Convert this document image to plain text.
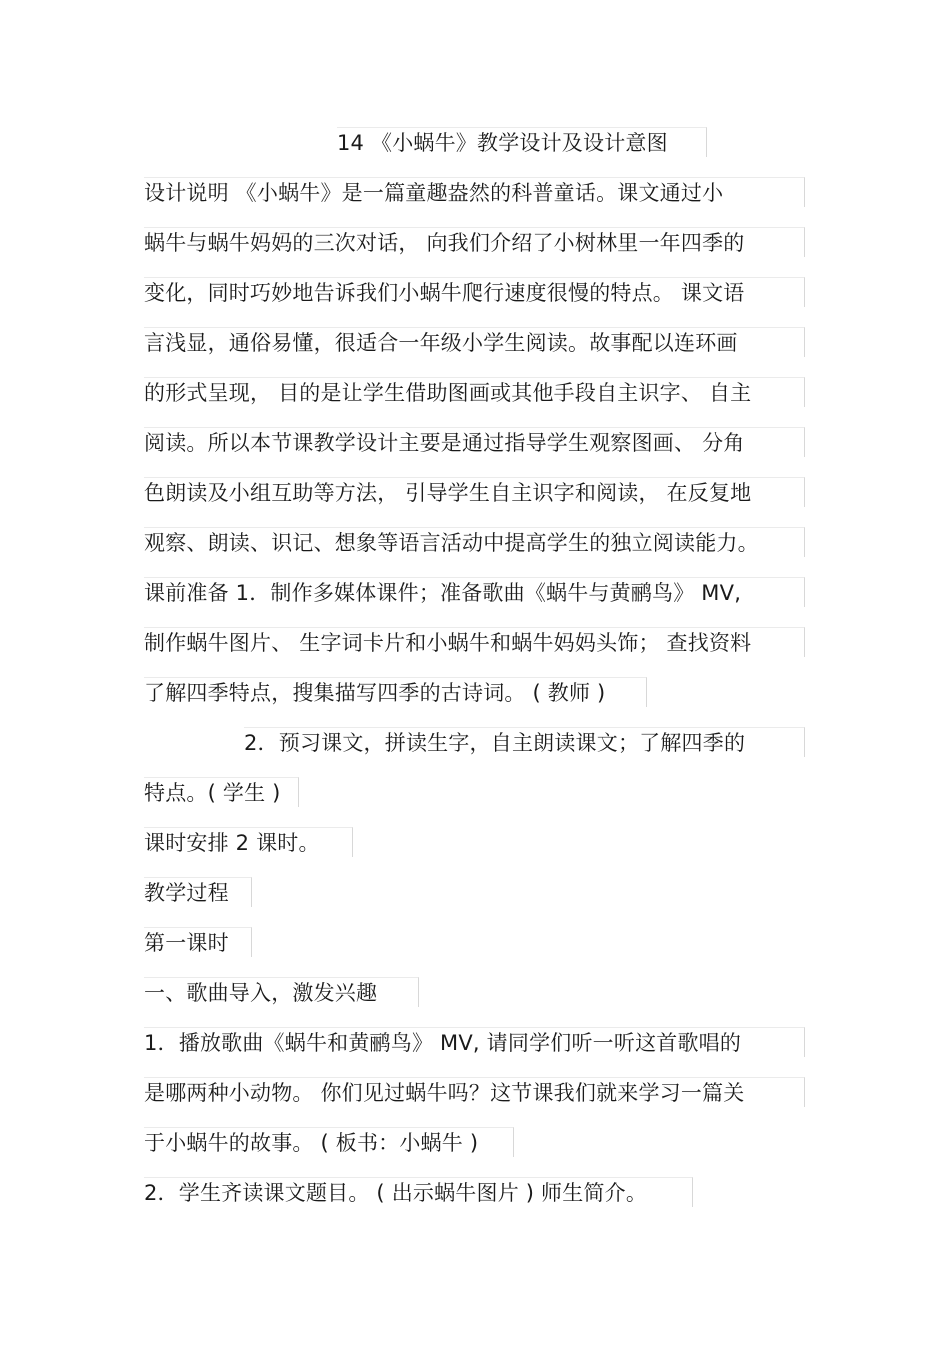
14 《小蜗牛》教学设计及设计意图
设计说明 《小蜗牛》是一篇童趣盎然的科普童话。课文通过小
蜗牛与蜗牛妈妈的三次对话， 向我们介绍了小树林里一年四季的
变化，同时巧妙地告诉我们小蜗牛爬行速度很慢的特点。 课文语
言浅显，通俗易懂，很适合一年级小学生阅读。故事配以连环画
的形式呈现， 目的是让学生借助图画或其他手段自主识字、 自主
阅读。所以本节课教学设计主要是通过指导学生观察图画、 分角
色朗读及小组互助等方法， 引导学生自主识字和阅读， 在反复地
观察、朗读、识记、想象等语言活动中提高学生的独立阅读能力。
课前准备 1．制作多媒体课件；准备歌曲《蜗牛与黄鹂鸟》 MV,
制作蜗牛图片、 生字词卡片和小蜗牛和蜗牛妈妈头饰； 查找资料
了解四季特点，搜集描写四季的古诗词。 ( 教师 )
2．预习课文，拼读生字，自主朗读课文；了解四季的
特点。( 学生 )
课时安排 2 课时。
教学过程
第一课时
一、歌曲导入，激发兴趣
1．播放歌曲《蜗牛和黄鹂鸟》 MV, 请同学们听一听这首歌唱的
是哪两种小动物。 你们见过蜗牛吗？这节课我们就来学习一篇关
于小蜗牛的故事。 ( 板书：小蜗牛 )
2．学生齐读课文题目。 ( 出示蜗牛图片 ) 师生简介。
